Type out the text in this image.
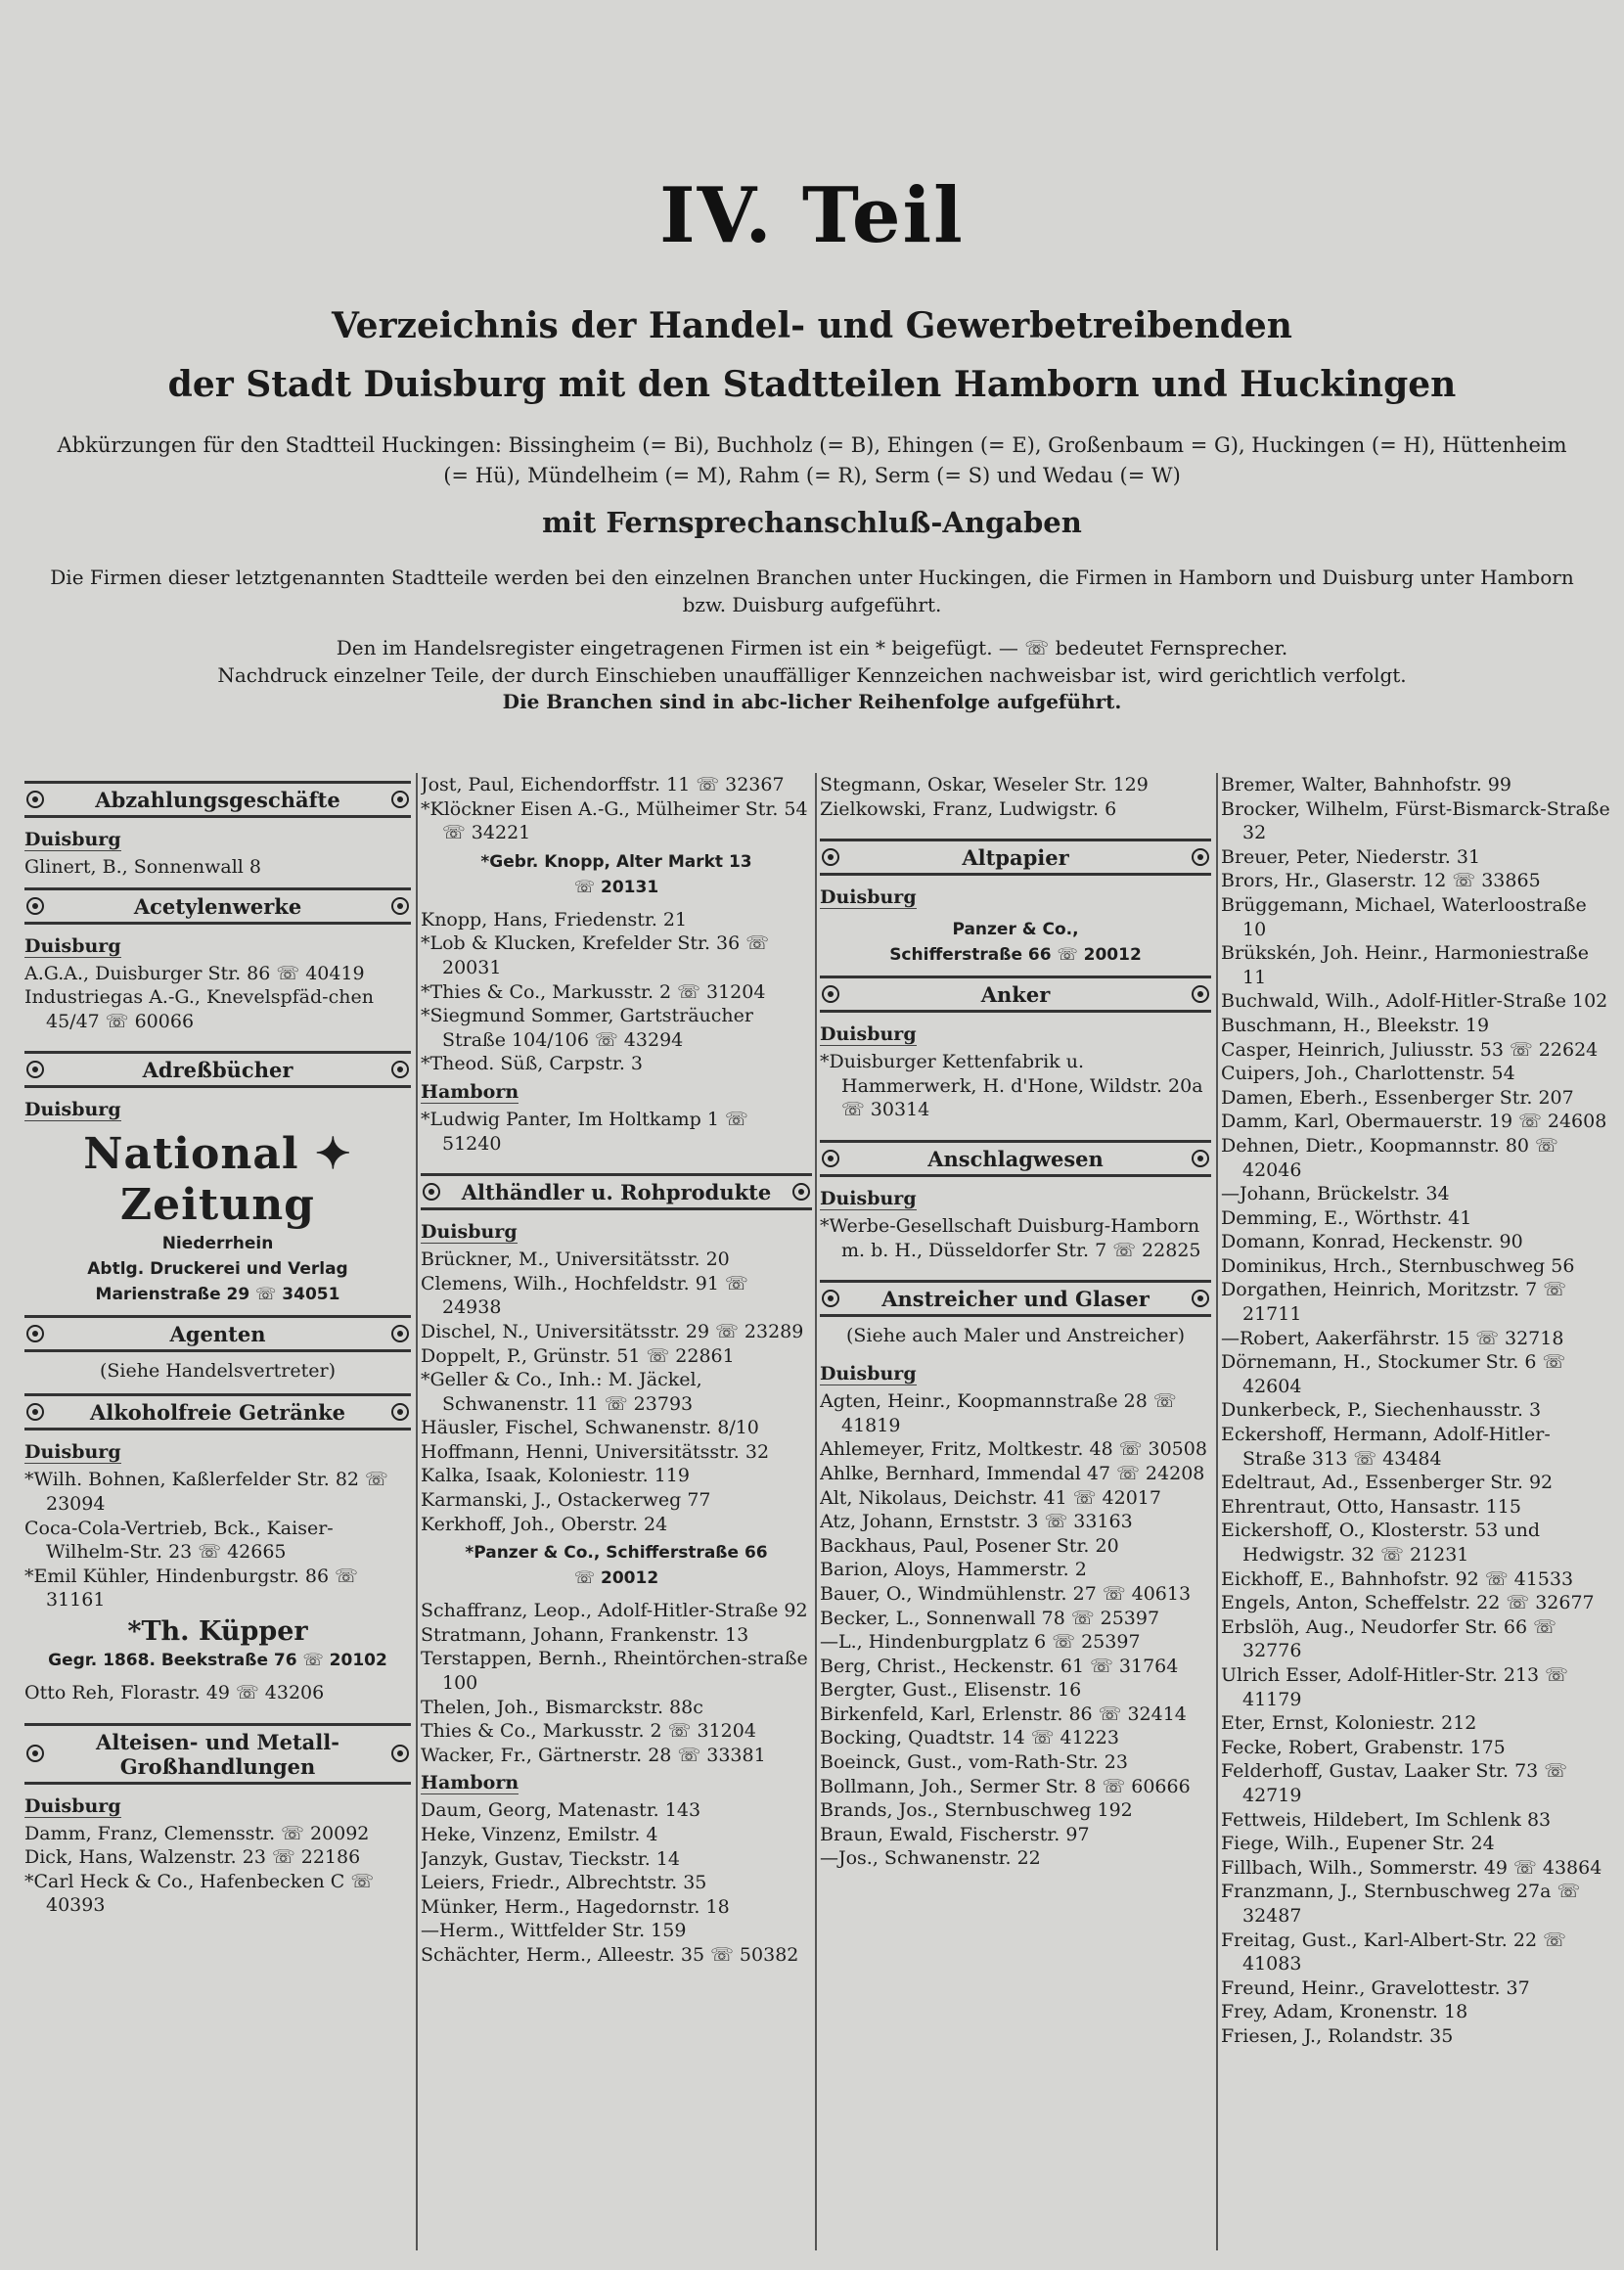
IV. Teil
Verzeichnis der Handel- und Gewerbetreibenden
der Stadt Duisburg mit den Stadtteilen Hamborn und Huckingen
Abkürzungen für den Stadtteil Huckingen: Bissingheim (= Bi), Buchholz (= B), Ehingen (= E), Großenbaum = G), Huckingen (= H), Hüttenheim (= Hü), Mündelheim (= M), Rahm (= R), Serm (= S) und Wedau (= W)
mit Fernsprechanschluß-Angaben
Die Firmen dieser letztgenannten Stadtteile werden bei den einzelnen Branchen unter Huckingen, die Firmen in Hamborn und Duisburg unter Hamborn bzw. Duisburg aufgeführt.
Den im Handelsregister eingetragenen Firmen ist ein * beigefügt. — ☏ bedeutet Fernsprecher.
Nachdruck einzelner Teile, der durch Einschieben unauffälliger Kennzeichen nachweisbar ist, wird gerichtlich verfolgt.
Die Branchen sind in abc-licher Reihenfolge aufgeführt.
Abzahlungsgeschäfte
Duisburg
Glinert, B., Sonnenwall 8
Acetylenwerke
Duisburg
A.G.A., Duisburger Str. 86 ☏ 40419
Industriegas A.-G., Knevelspfäd-chen 45/47 ☏ 60066
Adreßbücher
Duisburg
National ✦ Zeitung
Niederrhein
Abtlg. Druckerei und Verlag
Marienstraße 29 ☏ 34051
Agenten
(Siehe Handelsvertreter)
Alkoholfreie Getränke
Duisburg
*Wilh. Bohnen, Kaßlerfelder Str. 82 ☏ 23094
Coca-Cola-Vertrieb, Bck., Kaiser-Wilhelm-Str. 23 ☏ 42665
*Emil Kühler, Hindenburgstr. 86 ☏ 31161
*Th. Küpper
Gegr. 1868. Beekstraße 76 ☏ 20102
Otto Reh, Florastr. 49 ☏ 43206
Alteisen- und Metall-
Großhandlungen
Duisburg
Damm, Franz, Clemensstr. ☏ 20092
Dick, Hans, Walzenstr. 23 ☏ 22186
*Carl Heck & Co., Hafenbecken C ☏ 40393
Jost, Paul, Eichendorffstr. 11 ☏ 32367
*Klöckner Eisen A.-G., Mülheimer Str. 54 ☏ 34221
*Gebr. Knopp, Alter Markt 13
☏ 20131
Knopp, Hans, Friedenstr. 21
*Lob & Klucken, Krefelder Str. 36 ☏ 20031
*Thies & Co., Markusstr. 2 ☏ 31204
*Siegmund Sommer, Gartsträucher Straße 104/106 ☏ 43294
*Theod. Süß, Carpstr. 3
Hamborn
*Ludwig Panter, Im Holtkamp 1 ☏ 51240
Althändler u. Rohprodukte
Duisburg
Brückner, M., Universitätsstr. 20
Clemens, Wilh., Hochfeldstr. 91 ☏ 24938
Dischel, N., Universitätsstr. 29 ☏ 23289
Doppelt, P., Grünstr. 51 ☏ 22861
*Geller & Co., Inh.: M. Jäckel, Schwanenstr. 11 ☏ 23793
Häusler, Fischel, Schwanenstr. 8/10
Hoffmann, Henni, Universitätsstr. 32
Kalka, Isaak, Koloniestr. 119
Karmanski, J., Ostackerweg 77
Kerkhoff, Joh., Oberstr. 24
*Panzer & Co., Schifferstraße 66
☏ 20012
Schaffranz, Leop., Adolf-Hitler-Straße 92
Stratmann, Johann, Frankenstr. 13
Terstappen, Bernh., Rheintörchen-straße 100
Thelen, Joh., Bismarckstr. 88c
Thies & Co., Markusstr. 2 ☏ 31204
Wacker, Fr., Gärtnerstr. 28 ☏ 33381
Hamborn
Daum, Georg, Matenastr. 143
Heke, Vinzenz, Emilstr. 4
Janzyk, Gustav, Tieckstr. 14
Leiers, Friedr., Albrechtstr. 35
Münker, Herm., Hagedornstr. 18
—Herm., Wittfelder Str. 159
Schächter, Herm., Alleestr. 35 ☏ 50382
Stegmann, Oskar, Weseler Str. 129
Zielkowski, Franz, Ludwigstr. 6
Altpapier
Duisburg
Panzer & Co.,
Schifferstraße 66 ☏ 20012
Anker
Duisburg
*Duisburger Kettenfabrik u. Hammerwerk, H. d'Hone, Wildstr. 20a ☏ 30314
Anschlagwesen
Duisburg
*Werbe-Gesellschaft Duisburg-Hamborn m. b. H., Düsseldorfer Str. 7 ☏ 22825
Anstreicher und Glaser
(Siehe auch Maler und Anstreicher)
Duisburg
Agten, Heinr., Koopmannstraße 28 ☏ 41819
Ahlemeyer, Fritz, Moltkestr. 48 ☏ 30508
Ahlke, Bernhard, Immendal 47 ☏ 24208
Alt, Nikolaus, Deichstr. 41 ☏ 42017
Atz, Johann, Ernststr. 3 ☏ 33163
Backhaus, Paul, Posener Str. 20
Barion, Aloys, Hammerstr. 2
Bauer, O., Windmühlenstr. 27 ☏ 40613
Becker, L., Sonnenwall 78 ☏ 25397
—L., Hindenburgplatz 6 ☏ 25397
Berg, Christ., Heckenstr. 61 ☏ 31764
Bergter, Gust., Elisenstr. 16
Birkenfeld, Karl, Erlenstr. 86 ☏ 32414
Bocking, Quadtstr. 14 ☏ 41223
Boeinck, Gust., vom-Rath-Str. 23
Bollmann, Joh., Sermer Str. 8 ☏ 60666
Brands, Jos., Sternbuschweg 192
Braun, Ewald, Fischerstr. 97
—Jos., Schwanenstr. 22
Bremer, Walter, Bahnhofstr. 99
Brocker, Wilhelm, Fürst-Bismarck-Straße 32
Breuer, Peter, Niederstr. 31
Brors, Hr., Glaserstr. 12 ☏ 33865
Brüggemann, Michael, Waterloostraße 10
Brükskén, Joh. Heinr., Harmoniestraße 11
Buchwald, Wilh., Adolf-Hitler-Straße 102
Buschmann, H., Bleekstr. 19
Casper, Heinrich, Juliusstr. 53 ☏ 22624
Cuipers, Joh., Charlottenstr. 54
Damen, Eberh., Essenberger Str. 207
Damm, Karl, Obermauerstr. 19 ☏ 24608
Dehnen, Dietr., Koopmannstr. 80 ☏ 42046
—Johann, Brückelstr. 34
Demming, E., Wörthstr. 41
Domann, Konrad, Heckenstr. 90
Dominikus, Hrch., Sternbuschweg 56
Dorgathen, Heinrich, Moritzstr. 7 ☏ 21711
—Robert, Aakerfährstr. 15 ☏ 32718
Dörnemann, H., Stockumer Str. 6 ☏ 42604
Dunkerbeck, P., Siechenhausstr. 3
Eckershoff, Hermann, Adolf-Hitler-Straße 313 ☏ 43484
Edeltraut, Ad., Essenberger Str. 92
Ehrentraut, Otto, Hansastr. 115
Eickershoff, O., Klosterstr. 53 und Hedwigstr. 32 ☏ 21231
Eickhoff, E., Bahnhofstr. 92 ☏ 41533
Engels, Anton, Scheffelstr. 22 ☏ 32677
Erbslöh, Aug., Neudorfer Str. 66 ☏ 32776
Ulrich Esser, Adolf-Hitler-Str. 213 ☏ 41179
Eter, Ernst, Koloniestr. 212
Fecke, Robert, Grabenstr. 175
Felderhoff, Gustav, Laaker Str. 73 ☏ 42719
Fettweis, Hildebert, Im Schlenk 83
Fiege, Wilh., Eupener Str. 24
Fillbach, Wilh., Sommerstr. 49 ☏ 43864
Franzmann, J., Sternbuschweg 27a ☏ 32487
Freitag, Gust., Karl-Albert-Str. 22 ☏ 41083
Freund, Heinr., Gravelottestr. 37
Frey, Adam, Kronenstr. 18
Friesen, J., Rolandstr. 35
